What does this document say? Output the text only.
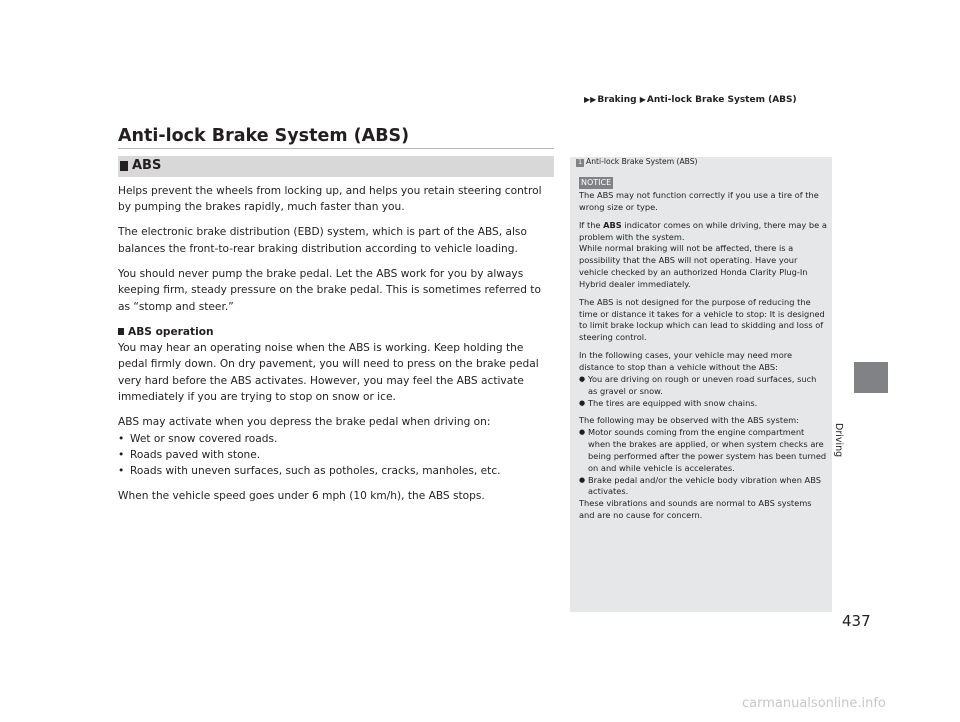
▶▶Braking ▶Anti-lock Brake System (ABS)
Driving
Anti-lock Brake System (ABS)
ABS

Helps prevent the wheels from locking up, and helps you retain steering control by pumping the brakes rapidly, much faster than you.

The electronic brake distribution (EBD) system, which is part of the ABS, also balances the front-to-rear braking distribution according to vehicle loading.

You should never pump the brake pedal. Let the ABS work for you by always keeping firm, steady pressure on the brake pedal. This is sometimes referred to as “stomp and steer.”

ABS operation

You may hear an operating noise when the ABS is working. Keep holding the pedal firmly down. On dry pavement, you will need to press on the brake pedal very hard before the ABS activates. However, you may feel the ABS activate immediately if you are trying to stop on snow or ice.

ABS may activate when you depress the brake pedal when driving on:

• Wet or snow covered roads.
• Roads paved with stone.
• Roads with uneven surfaces, such as potholes, cracks, manholes, etc.

When the vehicle speed goes under 6 mph (10 km/h), the ABS stops.

1 Anti-lock Brake System (ABS)
NOTICE

The ABS may not function correctly if you use a tire of the wrong size or type.

If the ABS indicator comes on while driving, there may be a problem with the system.

While normal braking will not be affected, there is a possibility that the ABS will not operating. Have your vehicle checked by an authorized Honda Clarity Plug-In Hybrid dealer immediately.

The ABS is not designed for the purpose of reducing the time or distance it takes for a vehicle to stop: It is designed to limit brake lockup which can lead to skidding and loss of steering control.

In the following cases, your vehicle may need more distance to stop than a vehicle without the ABS:

● You are driving on rough or uneven road surfaces, such as gravel or snow.
● The tires are equipped with snow chains.

The following may be observed with the ABS system:

● Motor sounds coming from the engine compartment when the brakes are applied, or when system checks are being performed after the power system has been turned on and while vehicle is accelerates.
● Brake pedal and/or the vehicle body vibration when ABS activates.

These vibrations and sounds are normal to ABS systems and are no cause for concern.

437
carmanualsonline.info
